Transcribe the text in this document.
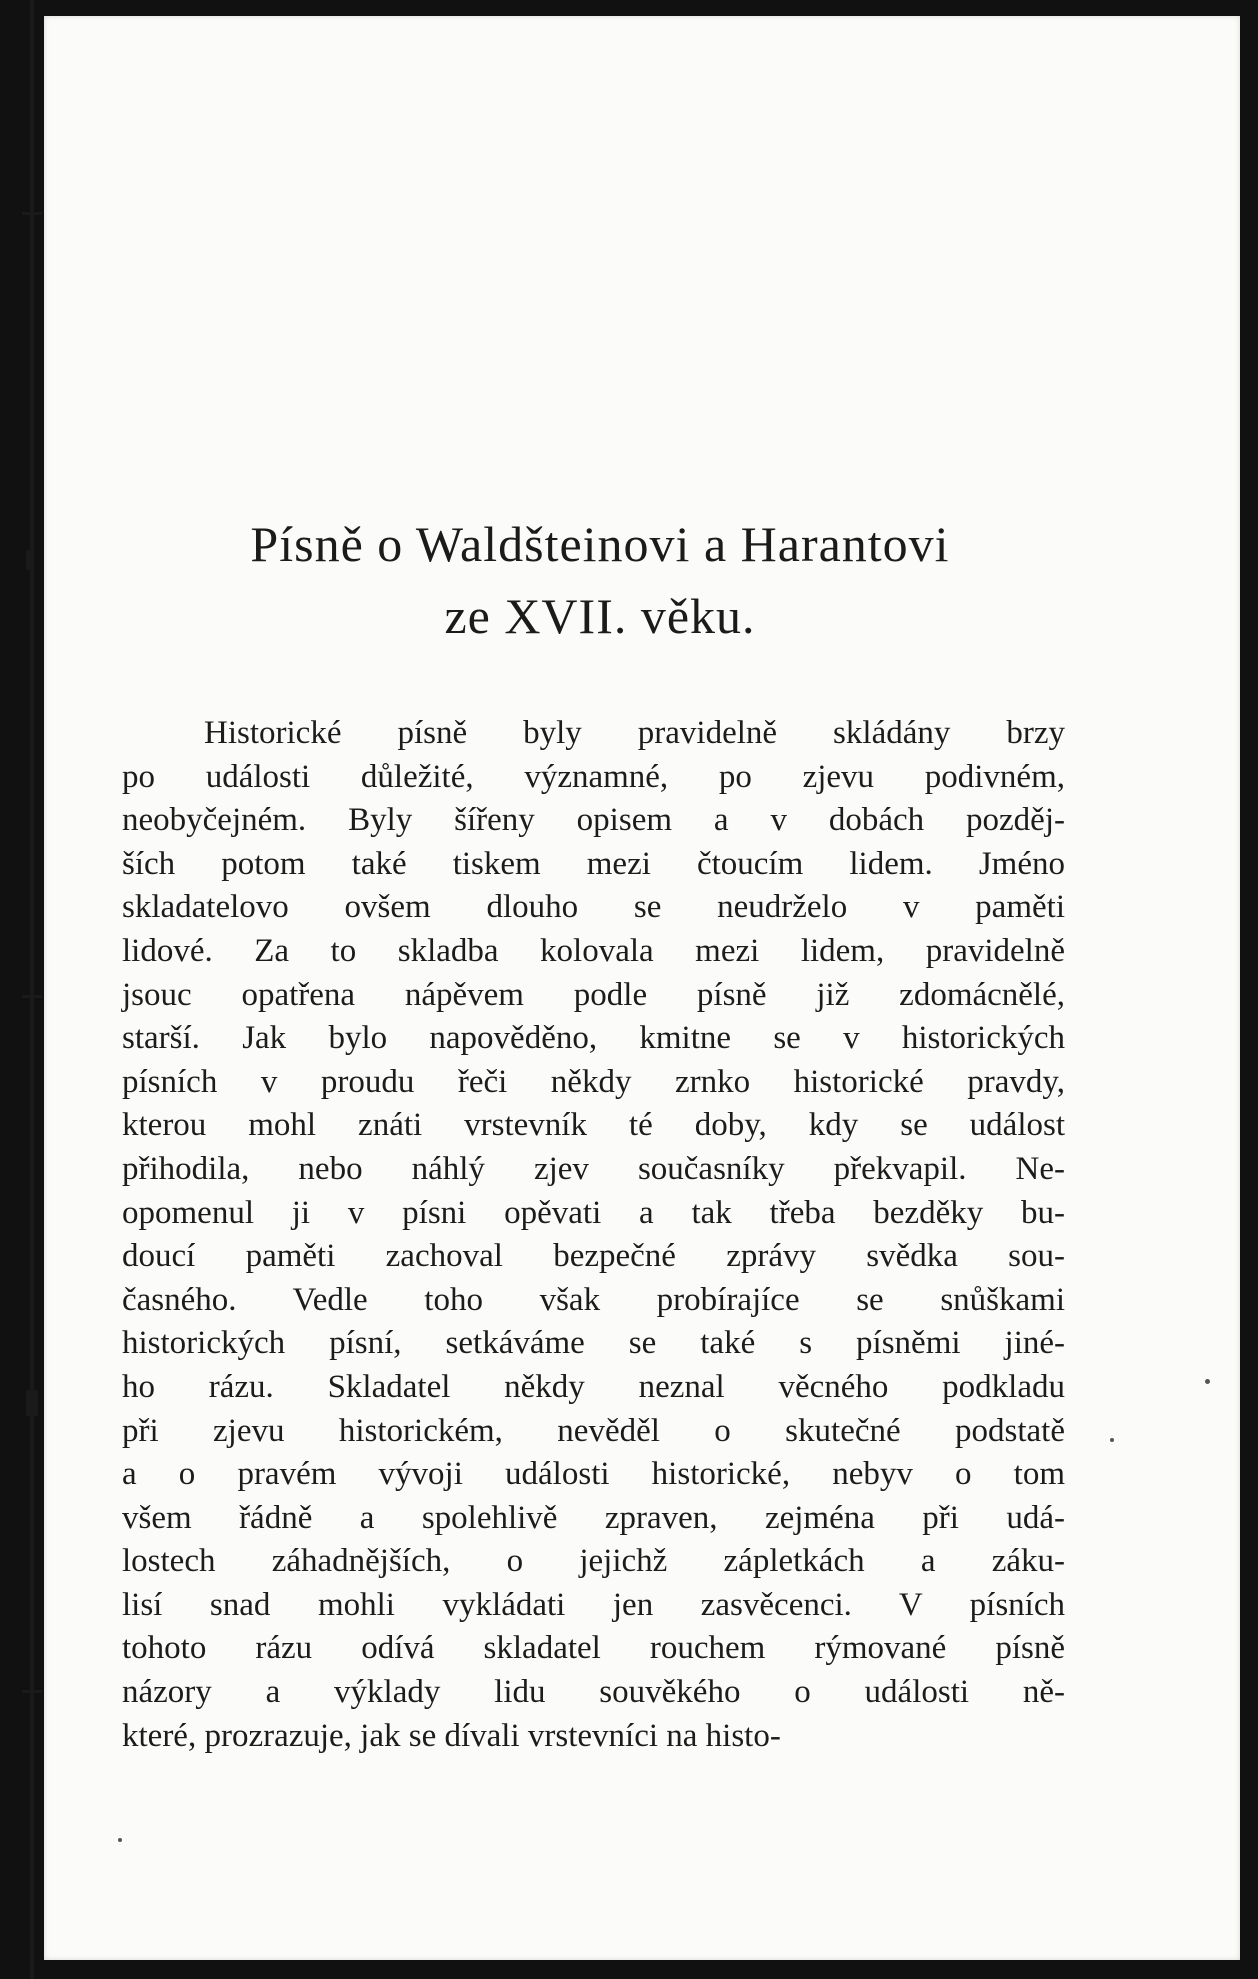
Písně o Waldšteinovi a Harantovi
ze XVII. věku.
Historické písně byly pravidelně skládány brzy
po události důležité, významné, po zjevu podivném,
neobyčejném. Byly šířeny opisem a v dobách pozděj-
ších potom také tiskem mezi čtoucím lidem. Jméno
skladatelovo ovšem dlouho se neudrželo v paměti
lidové. Za to skladba kolovala mezi lidem, pravidelně
jsouc opatřena nápěvem podle písně již zdomácnělé,
starší. Jak bylo napověděno, kmitne se v historických
písních v proudu řeči někdy zrnko historické pravdy,
kterou mohl znáti vrstevník té doby, kdy se událost
přihodila, nebo náhlý zjev současníky překvapil. Ne-
opomenul ji v písni opěvati a tak třeba bezděky bu-
doucí paměti zachoval bezpečné zprávy svědka sou-
časného. Vedle toho však probírajíce se snůškami
historických písní, setkáváme se také s písněmi jiné-
ho rázu. Skladatel někdy neznal věcného podkladu
při zjevu historickém, nevěděl o skutečné podstatě
a o pravém vývoji události historické, nebyv o tom
všem řádně a spolehlivě zpraven, zejména při udá-
lostech záhadnějších, o jejichž zápletkách a záku-
lisí snad mohli vykládati jen zasvěcenci. V písních
tohoto rázu odívá skladatel rouchem rýmované písně
názory a výklady lidu souvěkého o události ně-
které, prozrazuje, jak se dívali vrstevníci na histo-
